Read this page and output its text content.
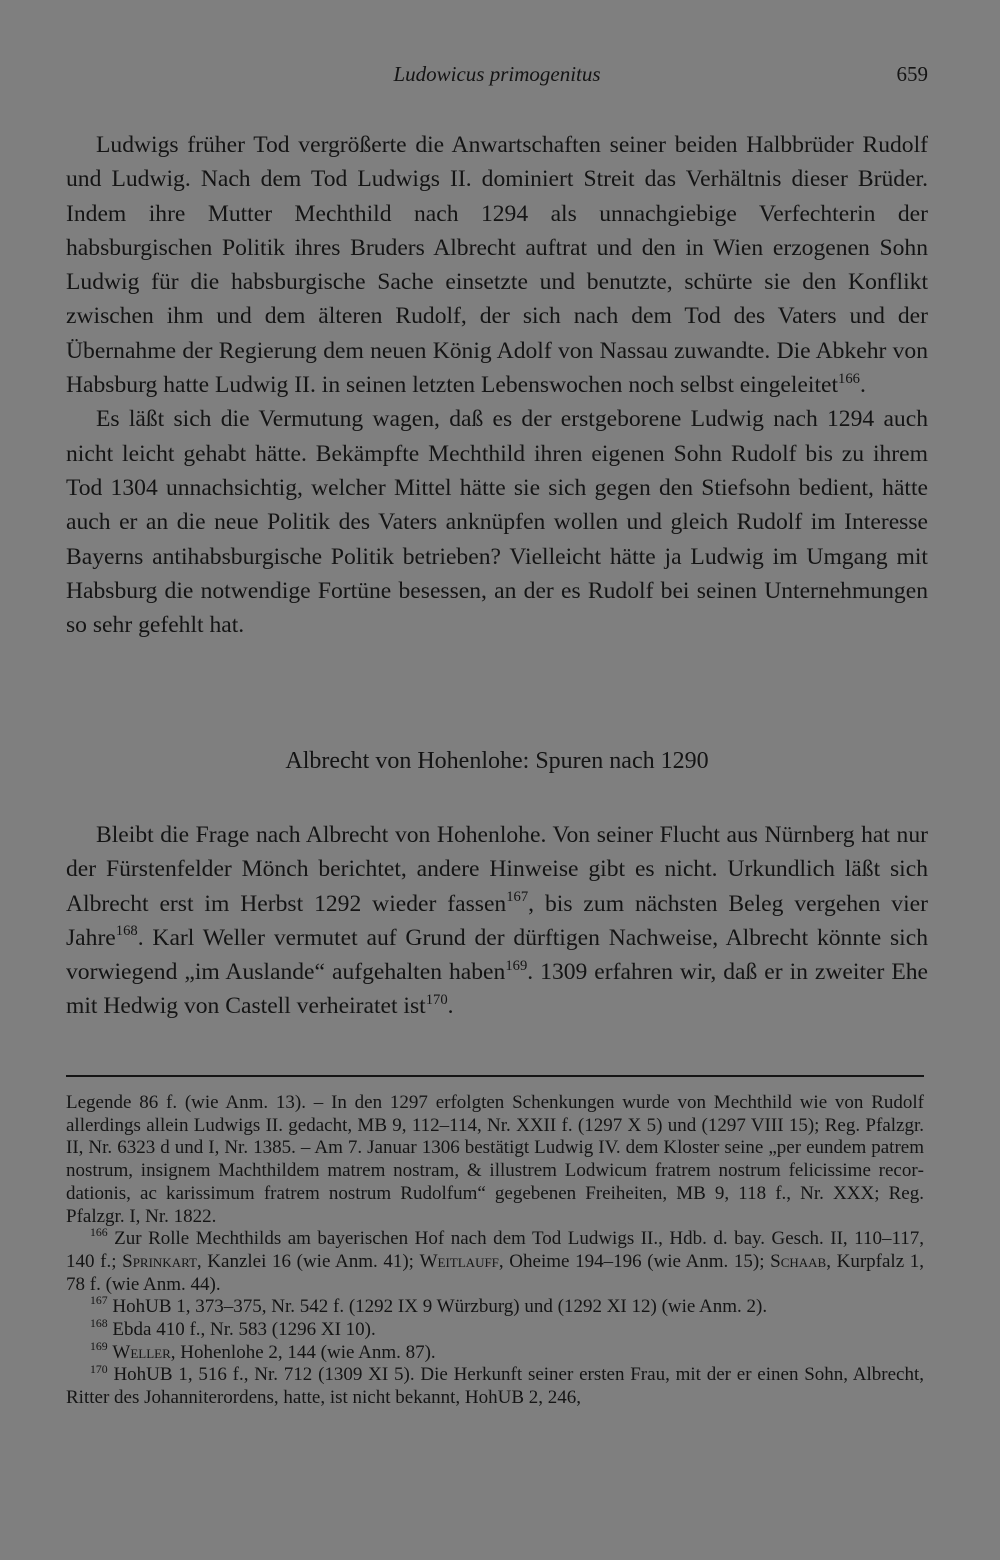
Ludowicus primogenitus	659

Ludwigs früher Tod vergrößerte die Anwartschaften seiner beiden Halbbrüder Rudolf und Ludwig. Nach dem Tod Ludwigs II. dominiert Streit das Verhältnis dieser Brüder. Indem ihre Mutter Mechthild nach 1294 als unnachgiebige Verfechterin der habsburgischen Politik ihres Bruders Albrecht auftrat und den in Wien erzogenen Sohn Ludwig für die habsburgische Sache einsetzte und benutzte, schürte sie den Konflikt zwischen ihm und dem älteren Rudolf, der sich nach dem Tod des Vaters und der Übernahme der Regierung dem neuen König Adolf von Nassau zuwandte. Die Abkehr von Habsburg hatte Ludwig II. in seinen letzten Lebenswochen noch selbst eingeleitet$^{166}$.

Es läßt sich die Vermutung wagen, daß es der erstgeborene Ludwig nach 1294 auch nicht leicht gehabt hätte. Bekämpfte Mechthild ihren eigenen Sohn Rudolf bis zu ihrem Tod 1304 unnachsichtig, welcher Mittel hätte sie sich gegen den Stiefsohn bedient, hätte auch er an die neue Politik des Vaters anknüpfen wollen und gleich Rudolf im Interesse Bayerns antihabsburgische Politik betrieben? Vielleicht hätte ja Ludwig im Umgang mit Habsburg die notwendige Fortüne besessen, an der es Rudolf bei seinen Unternehmungen so sehr gefehlt hat.

Albrecht von Hohenlohe: Spuren nach 1290

Bleibt die Frage nach Albrecht von Hohenlohe. Von seiner Flucht aus Nürnberg hat nur der Fürstenfelder Mönch berichtet, andere Hinweise gibt es nicht. Urkundlich läßt sich Albrecht erst im Herbst 1292 wieder fassen$^{167}$, bis zum nächsten Beleg vergehen vier Jahre$^{168}$. Karl Weller vermutet auf Grund der dürftigen Nachweise, Albrecht könnte sich vorwiegend „im Auslande“ aufgehalten haben$^{169}$. 1309 erfahren wir, daß er in zweiter Ehe mit Hedwig von Castell verheiratet ist$^{170}$.

Legende 86 f. (wie Anm. 13). – In den 1297 erfolgten Schenkungen wurde von Mechthild wie von Rudolf allerdings allein Ludwigs II. gedacht, MB 9, 112–114, Nr. XXII f. (1297 X 5) und (1297 VIII 15); Reg. Pfalzgr. II, Nr. 6323 d und I, Nr. 1385. – Am 7. Januar 1306 bestätigt Ludwig IV. dem Kloster seine „per eundem patrem nostrum, insignem Machthildem matrem nostram, & illustrem Lodwicum fratrem nostrum felicissime recordationis, ac karissimum fratrem nostrum Rudolfum“ gegebenen Freiheiten, MB 9, 118 f., Nr. XXX; Reg. Pfalzgr. I, Nr. 1822.

$^{166}$ Zur Rolle Mechthilds am bayerischen Hof nach dem Tod Ludwigs II., Hdb. d. bay. Gesch. II, 110–117, 140 f.; Sprinkart, Kanzlei 16 (wie Anm. 41); Weitlauff, Oheime 194–196 (wie Anm. 15); Schaab, Kurpfalz 1, 78 f. (wie Anm. 44).

$^{167}$ HohUB 1, 373–375, Nr. 542 f. (1292 IX 9 Würzburg) und (1292 XI 12) (wie Anm. 2).

$^{168}$ Ebda 410 f., Nr. 583 (1296 XI 10).

$^{169}$ Weller, Hohenlohe 2, 144 (wie Anm. 87).

$^{170}$ HohUB 1, 516 f., Nr. 712 (1309 XI 5). Die Herkunft seiner ersten Frau, mit der er einen Sohn, Albrecht, Ritter des Johanniterordens, hatte, ist nicht bekannt, HohUB 2, 246,
